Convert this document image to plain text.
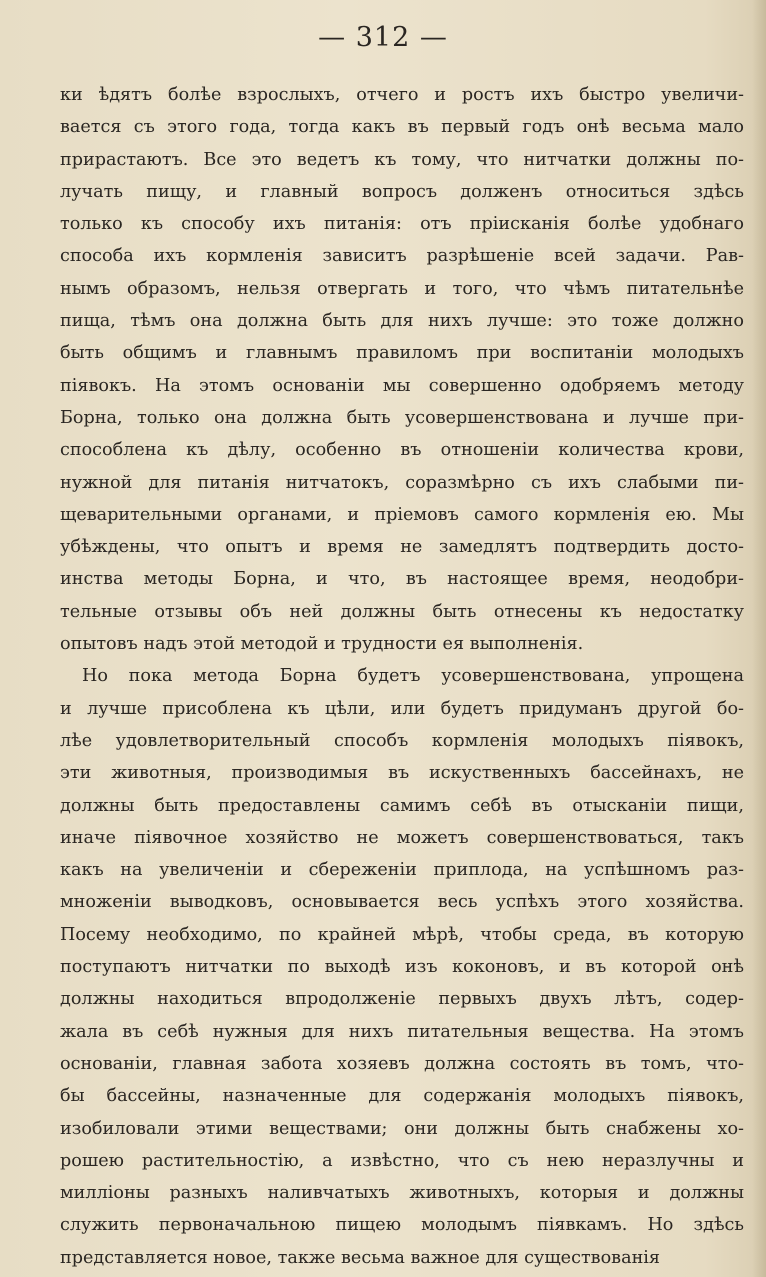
— 312 —
ки ѣдятъ болѣе взрослыхъ, отчего и ростъ ихъ быстро увеличи-
вается съ этого года, тогда какъ въ первый годъ онѣ весьма мало
прирастаютъ. Все это ведетъ къ тому, что нитчатки должны по-
лучать пищу, и главный вопросъ долженъ относиться здѣсь
только къ способу ихъ питанія: отъ пріисканія болѣе удобнаго
способа ихъ кормленія зависитъ разрѣшеніе всей задачи. Рав-
нымъ образомъ, нельзя отвергать и того, что чѣмъ питательнѣе
пища, тѣмъ она должна быть для нихъ лучше: это тоже должно
быть общимъ и главнымъ правиломъ при воспитаніи молодыхъ
піявокъ. На этомъ основаніи мы совершенно одобряемъ методу
Борна, только она должна быть усовершенствована и лучше при-
способлена къ дѣлу, особенно въ отношеніи количества крови,
нужной для питанія нитчатокъ, соразмѣрно съ ихъ слабыми пи-
щеварительными органами, и пріемовъ самого кормленія ею. Мы
убѣждены, что опытъ и время не замедлятъ подтвердить досто-
инства методы Борна, и что, въ настоящее время, неодобри-
тельные отзывы объ ней должны быть отнесены къ недостатку
опытовъ надъ этой методой и трудности ея выполненія.
Но пока метода Борна будетъ усовершенствована, упрощена
и лучше присоблена къ цѣли, или будетъ придуманъ другой бо-
лѣе удовлетворительный способъ кормленія молодыхъ піявокъ,
эти животныя, производимыя въ искуственныхъ бассейнахъ, не
должны быть предоставлены самимъ себѣ въ отысканіи пищи,
иначе піявочное хозяйство не можетъ совершенствоваться, такъ
какъ на увеличеніи и сбереженіи приплода, на успѣшномъ раз-
множеніи выводковъ, основывается весь успѣхъ этого хозяйства.
Посему необходимо, по крайней мѣрѣ, чтобы среда, въ которую
поступаютъ нитчатки по выходѣ изъ коконовъ, и въ которой онѣ
должны находиться впродолженіе первыхъ двухъ лѣтъ, содер-
жала въ себѣ нужныя для нихъ питательныя вещества. На этомъ
основаніи, главная забота хозяевъ должна состоять въ томъ, что-
бы бассейны, назначенные для содержанія молодыхъ піявокъ,
изобиловали этими веществами; они должны быть снабжены хо-
рошею растительностію, а извѣстно, что съ нею неразлучны и
милліоны разныхъ наливчатыхъ животныхъ, которыя и должны
служить первоначальною пищею молодымъ піявкамъ. Но здѣсь
представляется новое, также весьма важное для существованія
